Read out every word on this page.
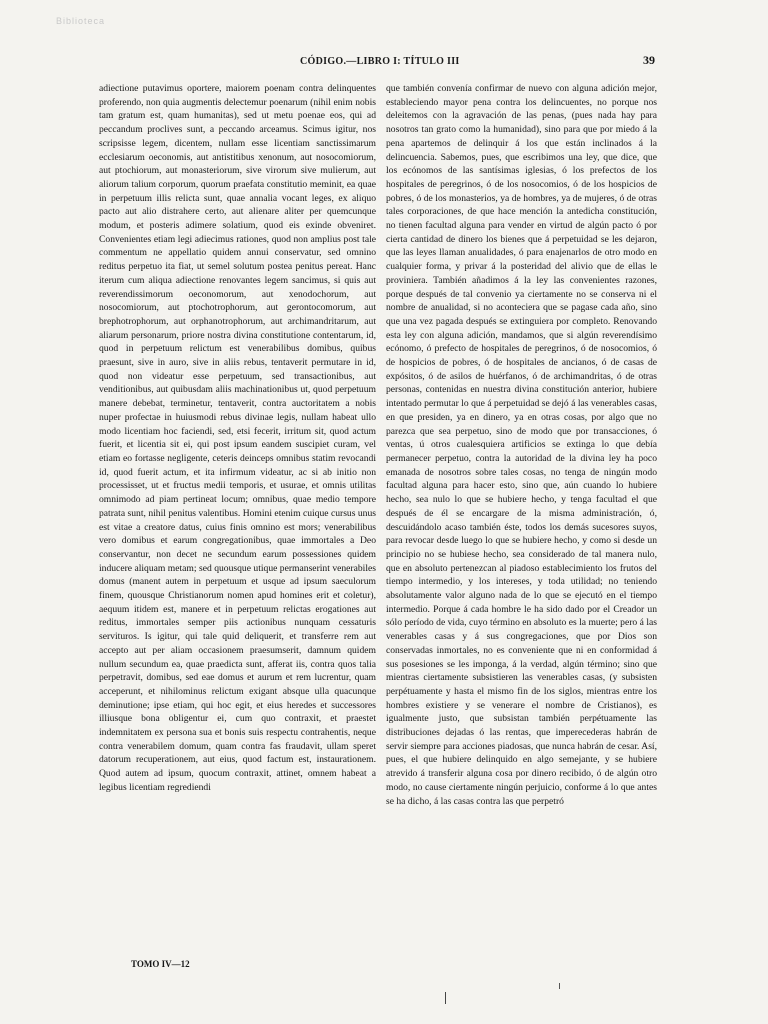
Biblioteca
CÓDIGO.—LIBRO I: TÍTULO III	39

adiectione putavimus oportere, maiorem poenam contra delinquentes proferendo, non quia augmentis delectemur poenarum (nihil enim nobis tam gratum est, quam humanitas), sed ut metu poenae eos, qui ad peccandum proclives sunt, a peccando arceamus. Scimus igitur, nos scripsisse legem, dicentem, nullam esse licentiam sanctissimarum ecclesiarum oeconomis, aut antistitibus xenonum, aut nosocomiorum, aut ptochiorum, aut monasteriorum, sive virorum sive mulierum, aut aliorum talium corporum, quorum praefata constitutio meminit, ea quae in perpetuum illis relicta sunt, quae annalia vocant leges, ex aliquo pacto aut alio distrahere certo, aut alienare aliter per quemcunque modum, et posteris adimere solatium, quod eis exinde obveniret. Convenientes etiam legi adiecimus rationes, quod non amplius post tale commentum ne appellatio quidem annui conservatur, sed omnino reditus perpetuo ita fiat, ut semel solutum postea penitus pereat. Hanc iterum cum aliqua adiectione renovantes legem sancimus, si quis aut reverendissimorum oeconomorum, aut xenodochorum, aut nosocomiorum, aut ptochotrophorum, aut gerontocomorum, aut brephotrophorum, aut orphanotrophorum, aut archimandritarum, aut aliarum personarum, priore nostra divina constitutione contentarum, id, quod in perpetuum relictum est venerabilibus domibus, quibus praesunt, sive in auro, sive in aliis rebus, tentaverit permutare in id, quod non videatur esse perpetuum, sed transactionibus, aut venditionibus, aut quibusdam aliis machinationibus ut, quod perpetuum manere debebat, terminetur, tentaverit, contra auctoritatem a nobis nuper profectae in huiusmodi rebus divinae legis, nullam habeat ullo modo licentiam hoc faciendi, sed, etsi fecerit, irritum sit, quod actum fuerit, et licentia sit ei, qui post ipsum eandem suscipiet curam, vel etiam eo fortasse negligente, ceteris deinceps omnibus statim revocandi id, quod fuerit actum, et ita infirmum videatur, ac si ab initio non processisset, ut et fructus medii temporis, et usurae, et omnis utilitas omnimodo ad piam pertineat locum; omnibus, quae medio tempore patrata sunt, nihil penitus valentibus. Homini etenim cuique cursus unus est vitae a creatore datus, cuius finis omnino est mors; venerabilibus vero domibus et earum congregationibus, quae immortales a Deo conservantur, non decet ne secundum earum possessiones quidem inducere aliquam metam; sed quousque utique permanserint venerabiles domus (manent autem in perpetuum et usque ad ipsum saeculorum finem, quousque Christianorum nomen apud homines erit et coletur), aequum itidem est, manere et in perpetuum relictas erogationes aut reditus, immortales semper piis actionibus nunquam cessaturis servituros. Is igitur, qui tale quid deliquerit, et transferre rem aut accepto aut per aliam occasionem praesumserit, damnum quidem nullum secundum ea, quae praedicta sunt, afferat iis, contra quos talia perpetravit, domibus, sed eae domus et aurum et rem lucrentur, quam acceperunt, et nihilominus relictum exigant absque ulla quacunque deminutione; ipse etiam, qui hoc egit, et eius heredes et successores illiusque bona obligentur ei, cum quo contraxit, et praestet indemnitatem ex persona sua et bonis suis respectu contrahentis, neque contra venerabilem domum, quam contra fas fraudavit, ullam speret datorum recuperationem, aut eius, quod factum est, instaurationem. Quod autem ad ipsum, quocum contraxit, attinet, omnem habeat a legibus licentiam regrediendi

que también convenía confirmar de nuevo con alguna adición mejor, estableciendo mayor pena contra los delincuentes, no porque nos deleitemos con la agravación de las penas, (pues nada hay para nosotros tan grato como la humanidad), sino para que por miedo á la pena apartemos de delinquir á los que están inclinados á la delincuencia. Sabemos, pues, que escribimos una ley, que dice, que los ecónomos de las santísimas iglesias, ó los prefectos de los hospitales de peregrinos, ó de los nosocomios, ó de los hospicios de pobres, ó de los monasterios, ya de hombres, ya de mujeres, ó de otras tales corporaciones, de que hace mención la antedicha constitución, no tienen facultad alguna para vender en virtud de algún pacto ó por cierta cantidad de dinero los bienes que á perpetuidad se les dejaron, que las leyes llaman anualidades, ó para enajenarlos de otro modo en cualquier forma, y privar á la posteridad del alivio que de ellas le proviniera. También añadimos á la ley las convenientes razones, porque después de tal convenio ya ciertamente no se conserva ni el nombre de anualidad, si no aconteciera que se pagase cada año, sino que una vez pagada después se extinguiera por completo. Renovando esta ley con alguna adición, mandamos, que si algún reverendísimo ecónomo, ó prefecto de hospitales de peregrinos, ó de nosocomios, ó de hospicios de pobres, ó de hospitales de ancianos, ó de casas de expósitos, ó de asilos de huérfanos, ó de archimandritas, ó de otras personas, contenidas en nuestra divina constitución anterior, hubiere intentado permutar lo que á perpetuidad se dejó á las venerables casas, en que presiden, ya en dinero, ya en otras cosas, por algo que no parezca que sea perpetuo, sino de modo que por transacciones, ó ventas, ú otros cualesquiera artificios se extinga lo que debía permanecer perpetuo, contra la autoridad de la divina ley ha poco emanada de nosotros sobre tales cosas, no tenga de ningún modo facultad alguna para hacer esto, sino que, aún cuando lo hubiere hecho, sea nulo lo que se hubiere hecho, y tenga facultad el que después de él se encargare de la misma administración, ó, descuidándolo acaso también éste, todos los demás sucesores suyos, para revocar desde luego lo que se hubiere hecho, y como si desde un principio no se hubiese hecho, sea considerado de tal manera nulo, que en absoluto pertenezcan al piadoso establecimiento los frutos del tiempo intermedio, y los intereses, y toda utilidad; no teniendo absolutamente valor alguno nada de lo que se ejecutó en el tiempo intermedio. Porque á cada hombre le ha sido dado por el Creador un sólo período de vida, cuyo término en absoluto es la muerte; pero á las venerables casas y á sus congregaciones, que por Dios son conservadas inmortales, no es conveniente que ni en conformidad á sus posesiones se les imponga, á la verdad, algún término; sino que mientras ciertamente subsistieren las venerables casas, (y subsisten perpétuamente y hasta el mismo fin de los siglos, mientras entre los hombres existiere y se venerare el nombre de Cristianos), es igualmente justo, que subsistan también perpétuamente las distribuciones dejadas ó las rentas, que imperecederas habrán de servir siempre para acciones piadosas, que nunca habrán de cesar. Así, pues, el que hubiere delinquido en algo semejante, y se hubiere atrevido á transferir alguna cosa por dinero recibido, ó de algún otro modo, no cause ciertamente ningún perjuicio, conforme á lo que antes se ha dicho, á las casas contra las que perpetró

TOMO IV—12
